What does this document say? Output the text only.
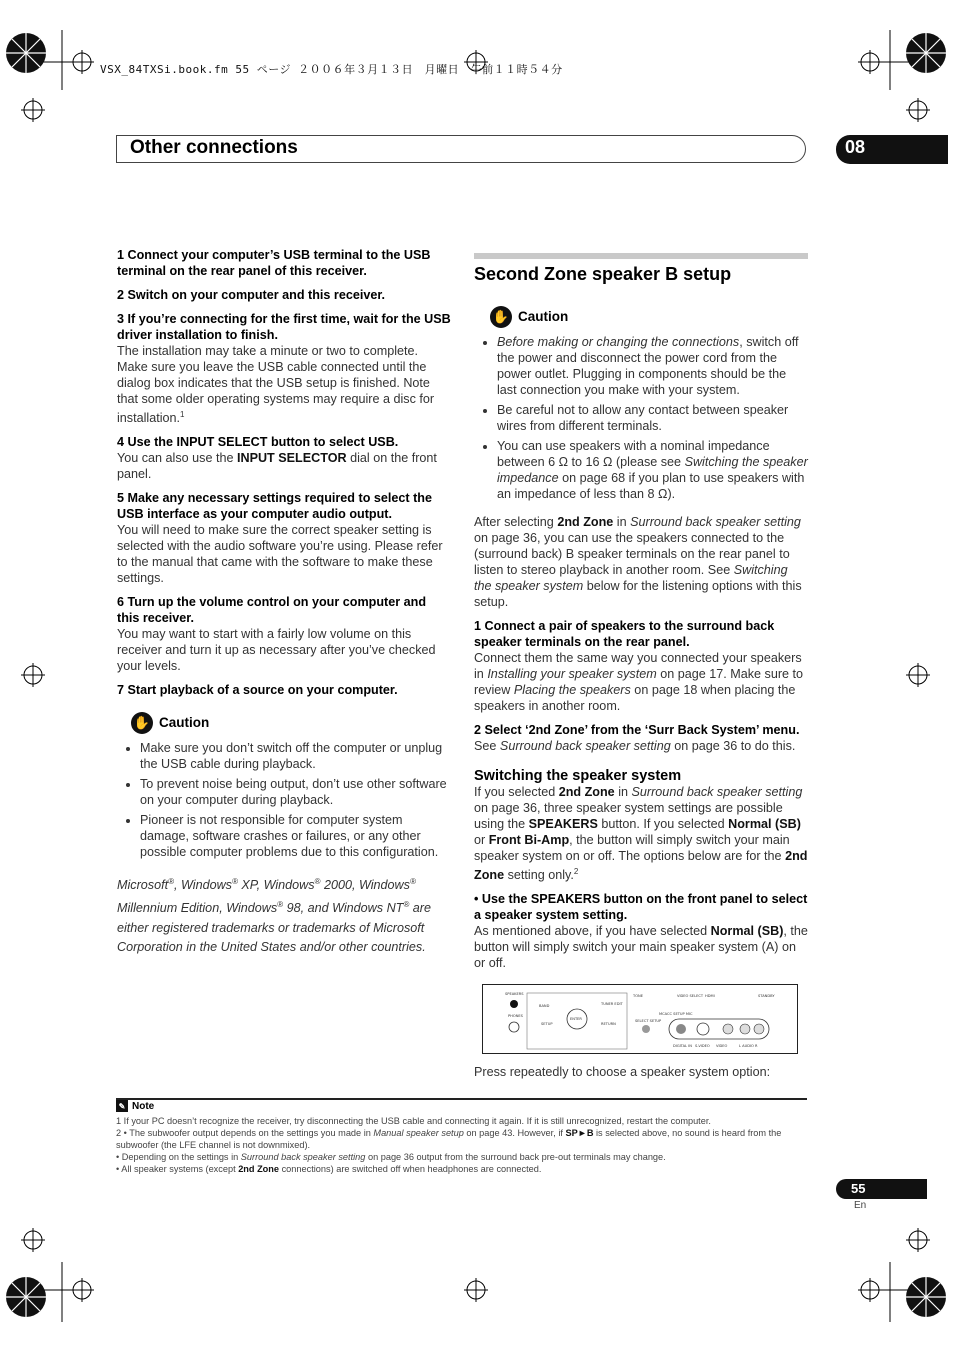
VSX_84TXSi.book.fm 55 ページ ２００６年３月１３日　月曜日　午前１１時５４分
Other connections	08

1 Connect your computer’s USB terminal to the USB terminal on the rear panel of this receiver.

2 Switch on your computer and this receiver.

3 If you’re connecting for the first time, wait for the USB driver installation to finish.

The installation may take a minute or two to complete. Make sure you leave the USB cable connected until the dialog box indicates that the USB setup is finished. Note that some older operating systems may require a disc for installation.$^1$

4 Use the INPUT SELECT button to select USB.

You can also use the INPUT SELECTOR dial on the front panel.

5 Make any necessary settings required to select the USB interface as your computer audio output.

You will need to make sure the correct speaker setting is selected with the audio software you’re using. Please refer to the manual that came with the software to make these settings.

6 Turn up the volume control on your computer and this receiver.

You may want to start with a fairly low volume on this receiver and turn it up as necessary after you’ve checked your levels.

7 Start playback of a source on your computer.

✋ Caution
• Make sure you don’t switch off the computer or unplug the USB cable during playback.
• To prevent noise being output, don’t use other software on your computer during playback.
• Pioneer is not responsible for computer system damage, software crashes or failures, or any other possible computer problems due to this configuration.

Microsoft®, Windows® XP, Windows® 2000, Windows® Millennium Edition, Windows® 98, and Windows NT® are either registered trademarks or trademarks of Microsoft Corporation in the United States and/or other countries.

Second Zone speaker B setup
✋ Caution
• Before making or changing the connections, switch off the power and disconnect the power cord from the power outlet. Plugging in components should be the last connection you make with your system.
• Be careful not to allow any contact between speaker wires from different terminals.
• You can use speakers with a nominal impedance between 6 Ω to 16 Ω (please see Switching the speaker impedance on page 68 if you plan to use speakers with an impedance of less than 8 Ω).

After selecting 2nd Zone in Surround back speaker setting on page 36, you can use the speakers connected to the (surround back) B speaker terminals on the rear panel to listen to stereo playback in another room. See Switching the speaker system below for the listening options with this setup.

1 Connect a pair of speakers to the surround back speaker terminals on the rear panel.

Connect them the same way you connected your speakers in Installing your speaker system on page 17. Make sure to review Placing the speakers on page 18 when placing the speakers in another room.

2 Select ‘2nd Zone’ from the ‘Surr Back System’ menu.

See Surround back speaker setting on page 36 to do this.

Switching the speaker system

If you selected 2nd Zone in Surround back speaker setting on page 36, three speaker system settings are possible using the SPEAKERS button. If you selected Normal (SB) or Front Bi-Amp, the button will simply switch your main speaker system on or off. The options below are for the 2nd Zone setting only.$^2$

• Use the SPEAKERS button on the front panel to select a speaker system setting.

As mentioned above, if you have selected Normal (SB), the button will simply switch your main speaker system (A) on or off.

SPEAKERS
PHONES
ENTER
SETUP	RETURN
TUNER EDIT
BAND
TONE	VIDEO SELECT HDMI	STANDBY
SELECT SETUP
MCACC SETUP MIC
DIGITAL IN S-VIDEO VIDEO	L AUDIO R
Press repeatedly to choose a speaker system option:
✎ Note

1 If your PC doesn’t recognize the receiver, try disconnecting the USB cable and connecting it again. If it is still unrecognized, restart the computer.

2 • The subwoofer output depends on the settings you made in Manual speaker setup on page 43. However, if SP►B is selected above, no sound is heard from the subwoofer (the LFE channel is not downmixed).

• Depending on the settings in Surround back speaker setting on page 36 output from the surround back pre-out terminals may change.

• All speaker systems (except 2nd Zone connections) are switched off when headphones are connected.

55
En
